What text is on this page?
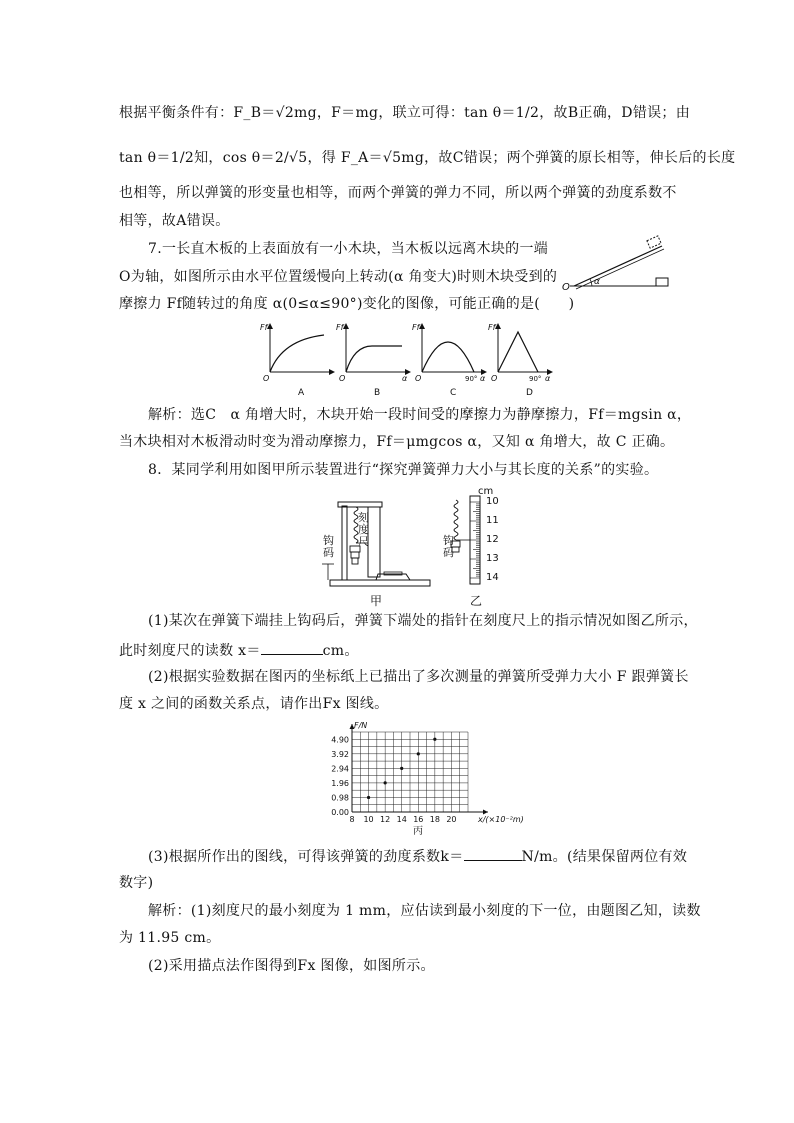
根据平衡条件有：F_B＝√2mg，F＝mg，联立可得：tan θ＝1/2，故B正确，D错误；由
tan θ＝1/2知，cos θ＝2/√5，得 F_A＝√5mg，故C错误；两个弹簧的原长相等，伸长后的长度
也相等，所以弹簧的形变量也相等，而两个弹簧的弹力不同，所以两个弹簧的劲度系数不
相等，故A错误。
7.一长直木板的上表面放有一小木块，当木板以远离木块的一端
O为轴，如图所示由水平位置缓慢向上转动(α 角变大)时则木块受到的
摩擦力 Ff随转过的角度 α(0≤α≤90°)变化的图像，可能正确的是(　　)
O	α
Ff
O
A
Ff
O	α
B
Ff
O	90° α
C
Ff
O	90° α
D
解析：选C　α 角增大时，木块开始一段时间受的摩擦力为静摩擦力，Ff＝mgsin α，
当木块相对木板滑动时变为滑动摩擦力，Ff＝μmgcos α，又知 α 角增大，故 C 正确。
8．某同学利用如图甲所示装置进行“探究弹簧弹力大小与其长度的关系”的实验。
刻度尺
钩码
甲
cm
10
11
12
13
14
钩码
乙
(1)某次在弹簧下端挂上钩码后，弹簧下端处的指针在刻度尺上的指示情况如图乙所示，
此时刻度尺的读数 x＝	cm。
(2)根据实验数据在图丙的坐标纸上已描出了多次测量的弹簧所受弹力大小 F 跟弹簧长
度 x 之间的函数关系点，请作出Fx 图线。
0.00
0.98
1.96
2.94
3.92
4.90
8 10 12 14 16 18 20
F/N
x/(×10⁻²m)
丙
(3)根据所作出的图线，可得该弹簧的劲度系数k＝	N/m。(结果保留两位有效
数字)
解析：(1)刻度尺的最小刻度为 1 mm，应估读到最小刻度的下一位，由题图乙知，读数
为 11.95 cm。
(2)采用描点法作图得到Fx 图像，如图所示。
